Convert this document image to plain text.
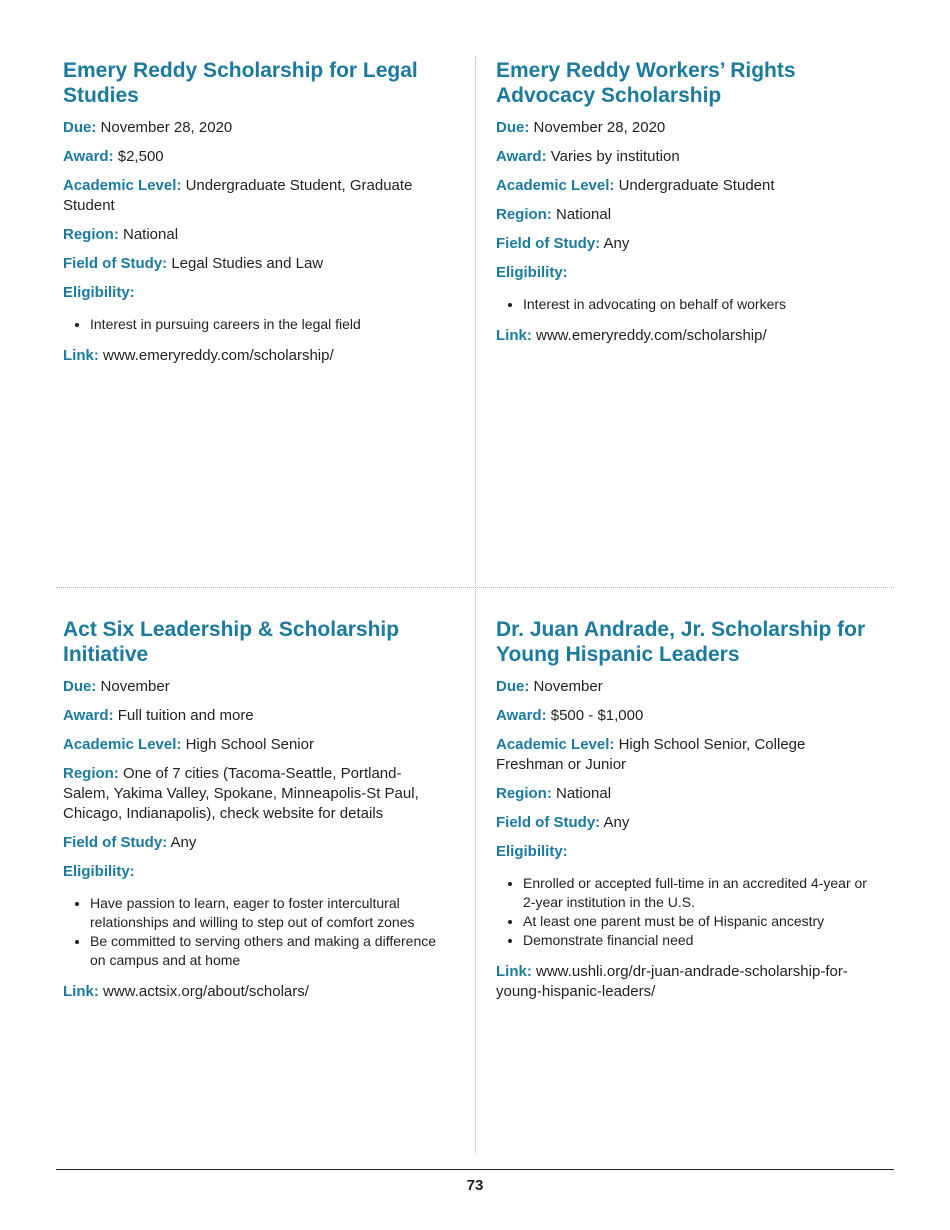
Emery Reddy Scholarship for Legal Studies

Due: November 28, 2020

Award: $2,500

Academic Level: Undergraduate Student, Graduate Student

Region: National

Field of Study: Legal Studies and Law

Eligibility:
• Interest in pursuing careers in the legal field

Link: www.emeryreddy.com/scholarship/

Emery Reddy Workers’ Rights Advocacy Scholarship

Due: November 28, 2020

Award: Varies by institution

Academic Level: Undergraduate Student

Region: National

Field of Study: Any

Eligibility:
• Interest in advocating on behalf of workers

Link: www.emeryreddy.com/scholarship/

Act Six Leadership & Scholarship Initiative

Due: November

Award: Full tuition and more

Academic Level: High School Senior

Region: One of 7 cities (Tacoma-Seattle, Portland-Salem, Yakima Valley, Spokane, Minneapolis-St Paul, Chicago, Indianapolis), check website for details

Field of Study: Any

Eligibility:
• Have passion to learn, eager to foster intercultural relationships and willing to step out of comfort zones
• Be committed to serving others and making a difference on campus and at home

Link: www.actsix.org/about/scholars/

Dr. Juan Andrade, Jr. Scholarship for Young Hispanic Leaders

Due: November

Award: $500 - $1,000

Academic Level: High School Senior, College Freshman or Junior

Region: National

Field of Study: Any

Eligibility:
• Enrolled or accepted full-time in an accredited 4-year or 2-year institution in the U.S.
• At least one parent must be of Hispanic ancestry
• Demonstrate financial need

Link: www.ushli.org/dr-juan-andrade-scholarship-for-young-hispanic-leaders/

73
